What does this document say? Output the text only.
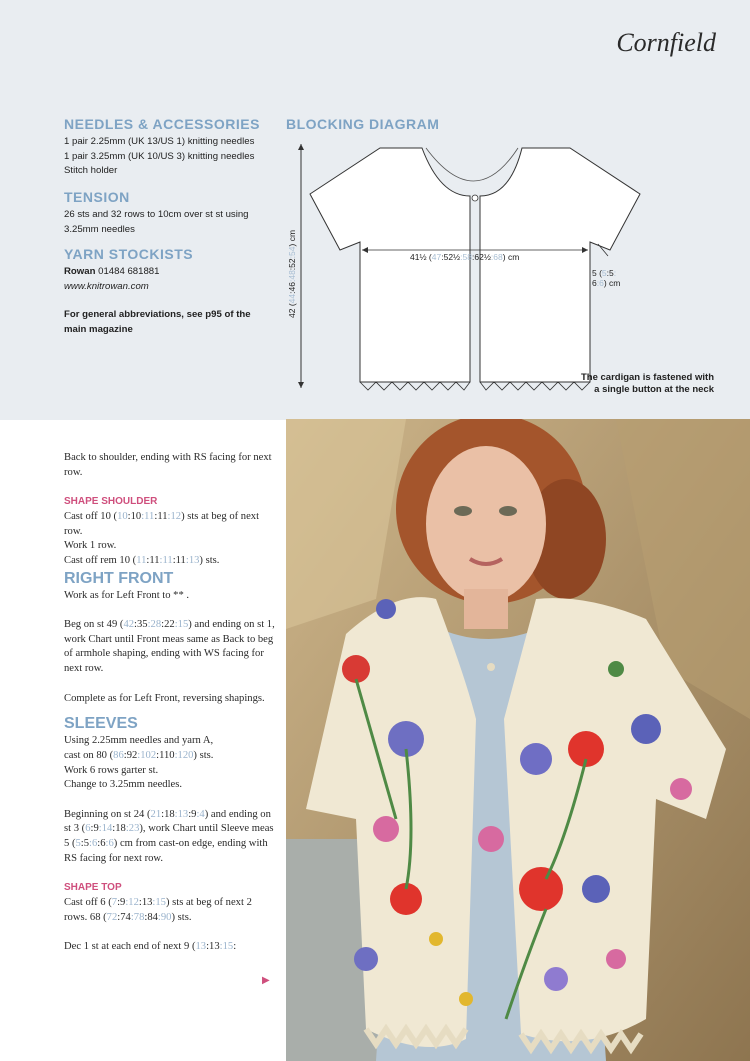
Cornfield
NEEDLES & ACCESSORIES
1 pair 2.25mm (UK 13/US 1) knitting needles
1 pair 3.25mm (UK 10/US 3) knitting needles
Stitch holder
TENSION
26 sts and 32 rows to 10cm over st st using 3.25mm needles
YARN STOCKISTS
Rowan 01484 681881
www.knitrowan.com
For general abbreviations, see p95 of the main magazine
BLOCKING DIAGRAM
41½ (47:52½:58:62½:68) cm
42 (44:46:48:52:54) cm
5 (5:5: 6:6) cm
The cardigan is fastened with a single button at the neck

Back to shoulder, ending with RS facing for next row.

SHAPE SHOULDER

Cast off 10 (10:10:11:11:12) sts at beg of next row.

Work 1 row.

Cast off rem 10 (11:11:11:11:13) sts.

RIGHT FRONT

Work as for Left Front to ** .

Beg on st 49 (42:35:28:22:15) and ending on st 1, work Chart until Front meas same as Back to beg of armhole shaping, ending with WS facing for next row.

Complete as for Left Front, reversing shapings.

SLEEVES

Using 2.25mm needles and yarn A,

cast on 80 (86:92:102:110:120) sts.

Work 6 rows garter st.

Change to 3.25mm needles.

Beginning on st 24 (21:18:13:9:4) and ending on st 3 (6:9:14:18:23), work Chart until Sleeve meas 5 (5:5:6:6:6) cm from cast-on edge, ending with RS facing for next row.

SHAPE TOP

Cast off 6 (7:9:12:13:15) sts at beg of next 2 rows. 68 (72:74:78:84:90) sts.

Dec 1 st at each end of next 9 (13:13:15:

▶
